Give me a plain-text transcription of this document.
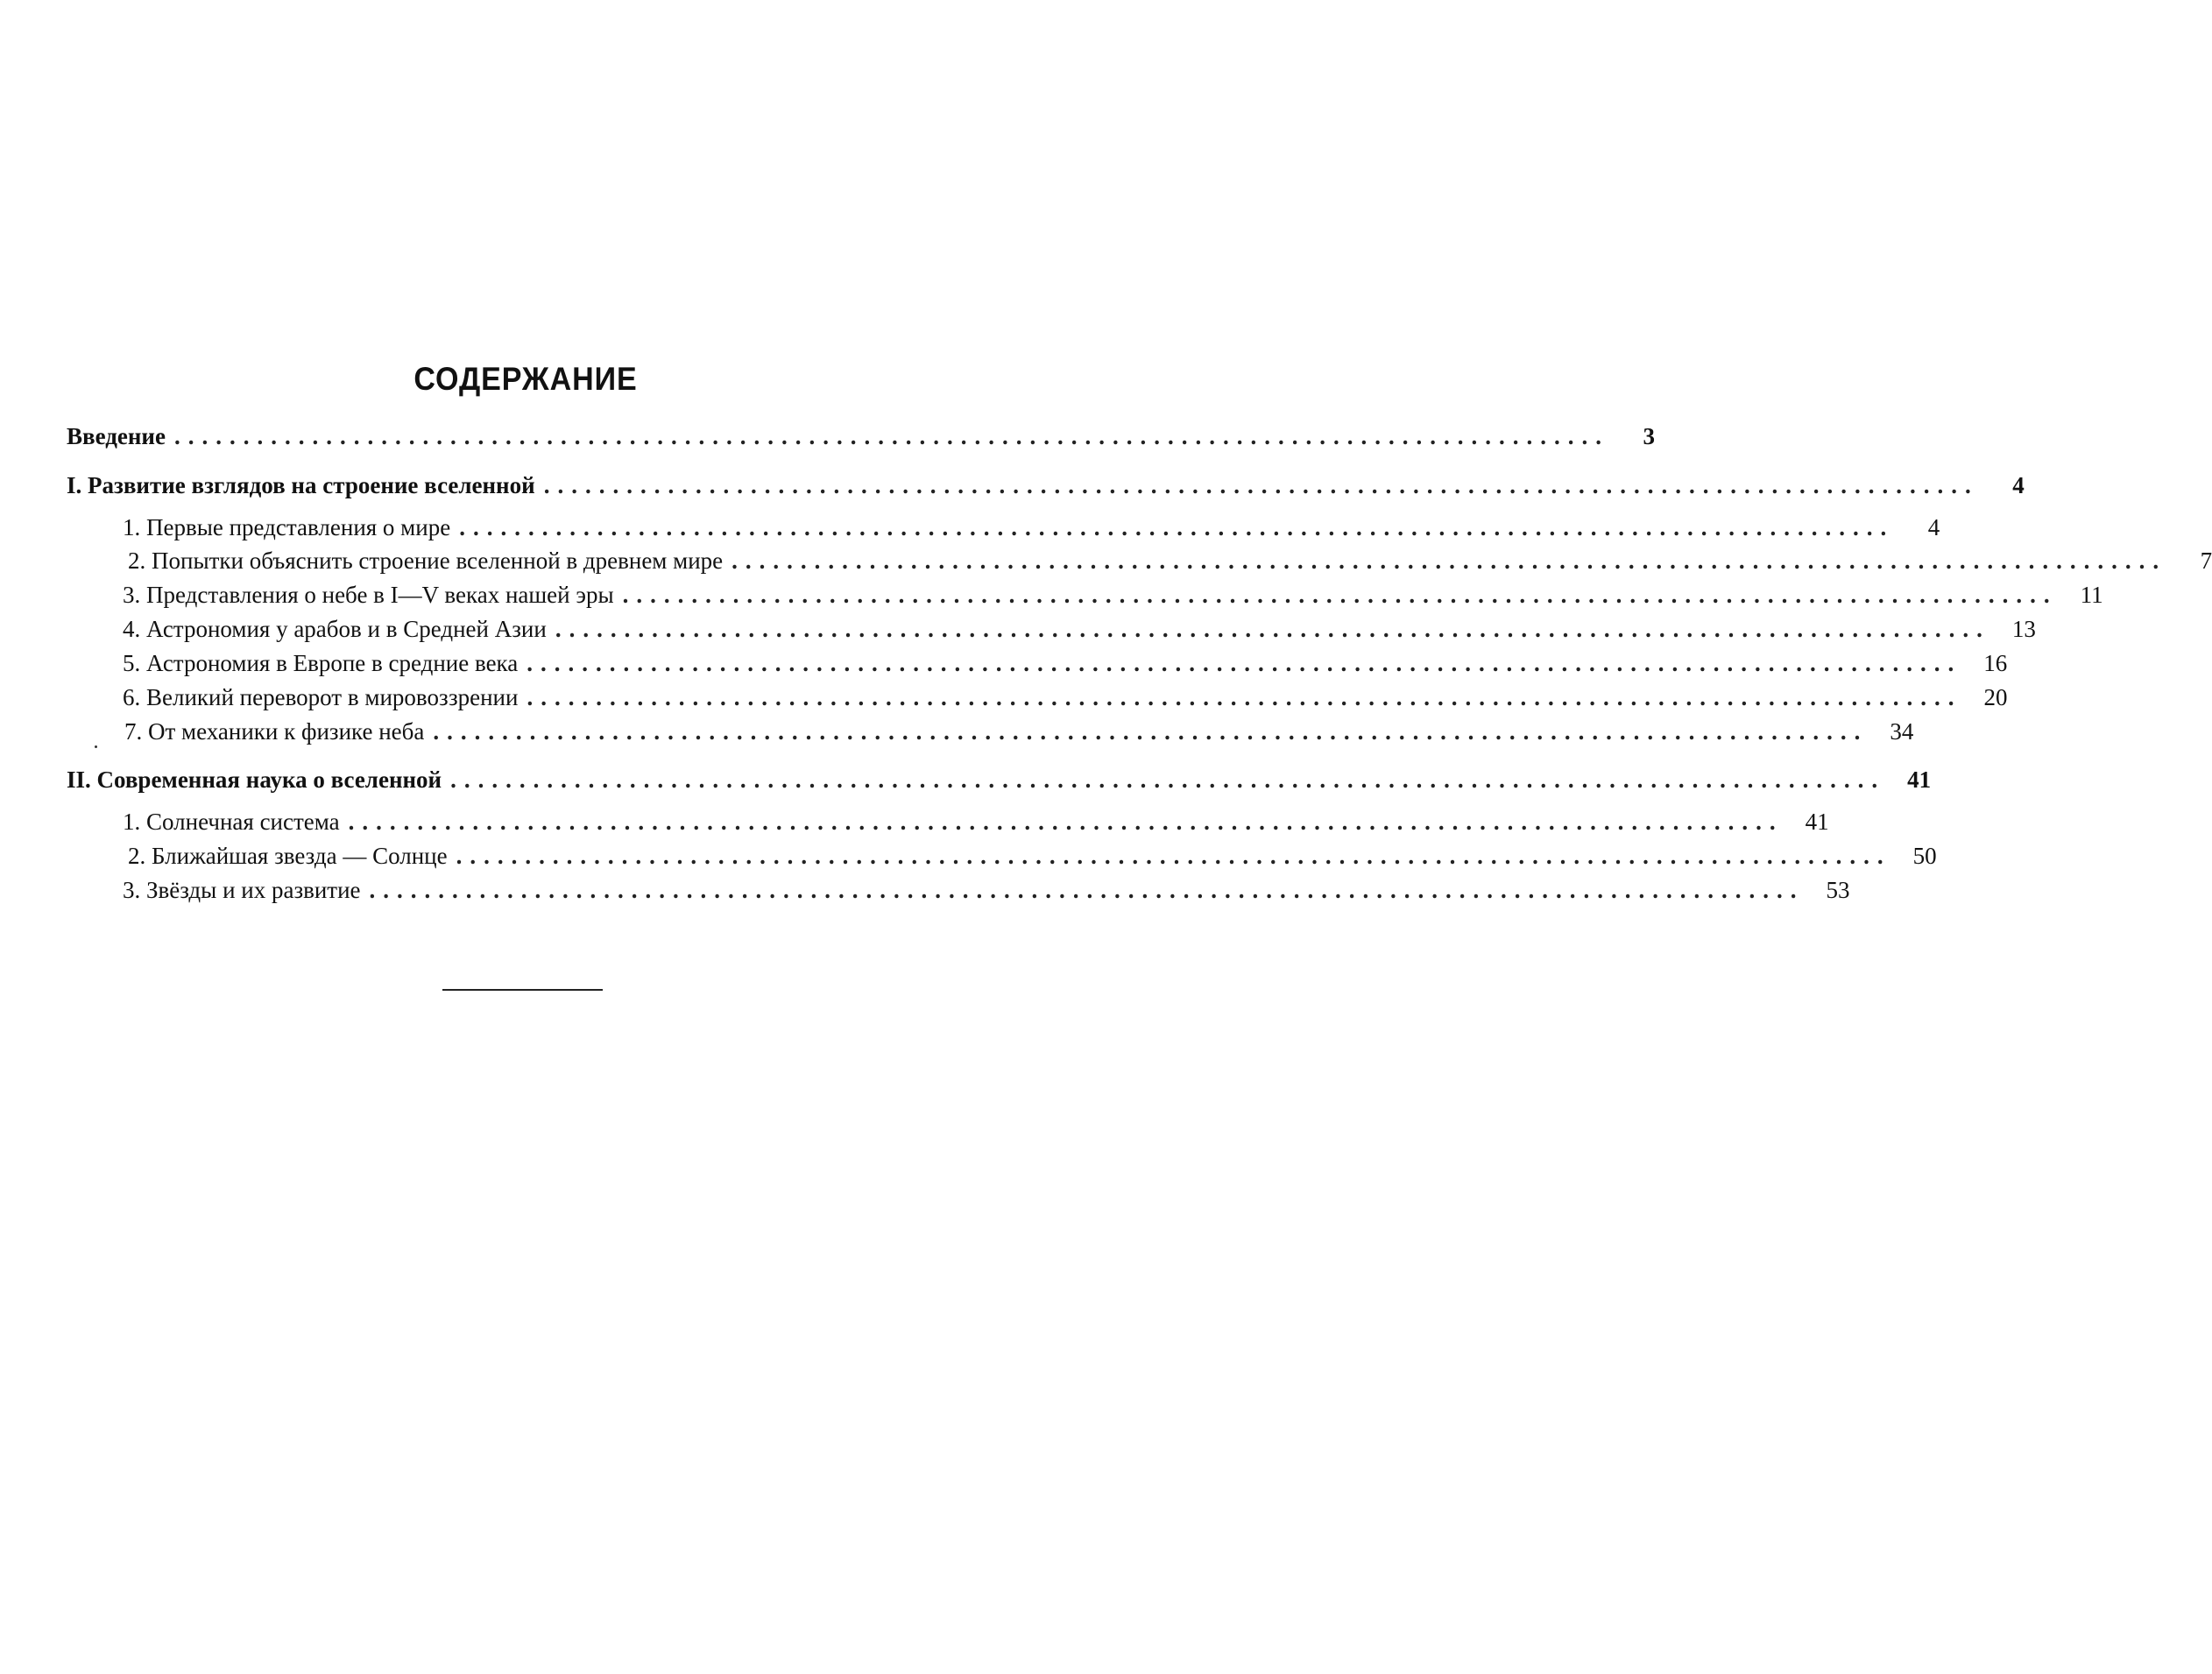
СОДЕРЖАНИЕ
Введение ........................................................................................................	3
I. Развитие взглядов на строение вселенной ........................................................................................................	4
1. Первые представления о мире ........................................................................................................	4
2. Попытки объяснить строение вселенной в древнем мире ........................................................................................................	7
3. Представления о небе в I—V веках нашей эры ........................................................................................................ 11
4. Астрономия у арабов и в Средней Азии ........................................................................................................ 13
5. Астрономия в Европе в средние века ........................................................................................................ 16
6. Великий переворот в мировоззрении ........................................................................................................ 20
7. От механики к физике неба ........................................................................................................ 34
II. Современная наука о вселенной ........................................................................................................ 41
1. Солнечная система ........................................................................................................ 41
2. Ближайшая звезда — Солнце ........................................................................................................ 50
3. Звёзды и их развитие ........................................................................................................ 53
